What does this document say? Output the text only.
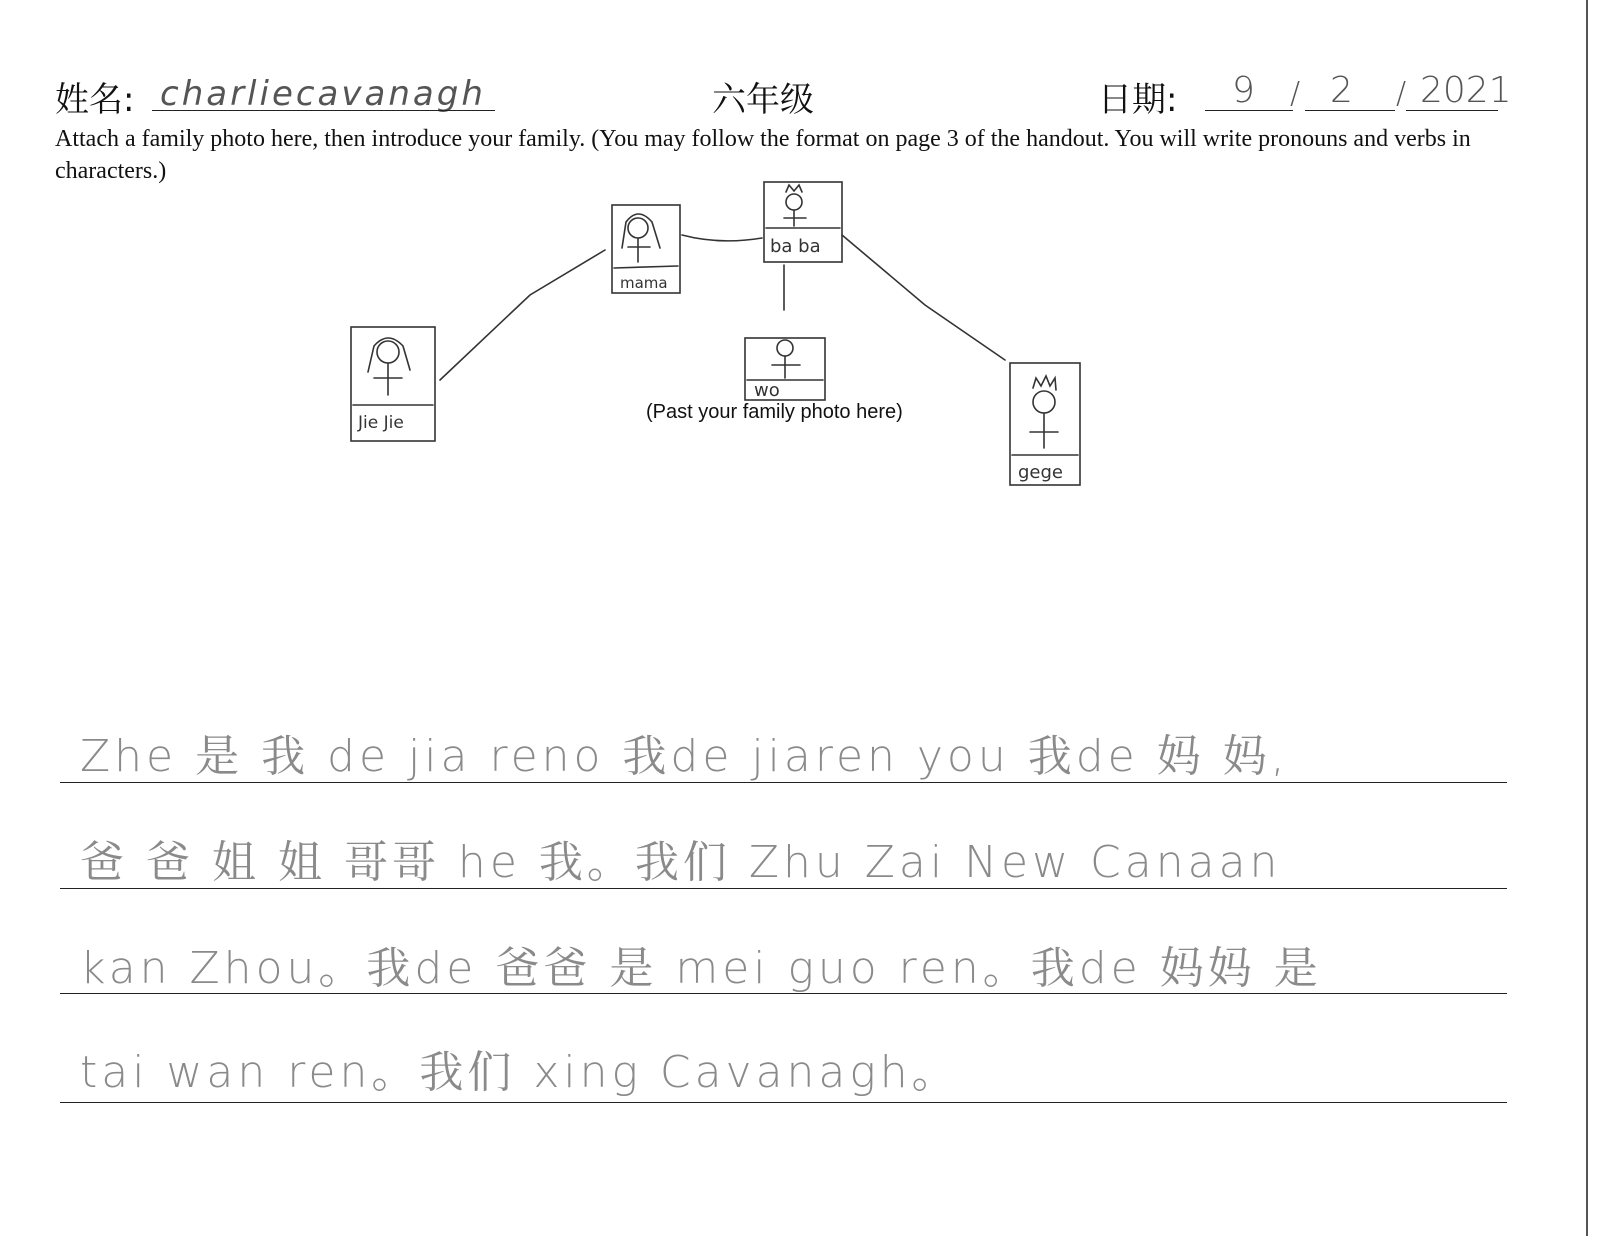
姓名: charliecavanagh	六年级	日期: 9 / 2 / 2021
Attach a family photo here, then introduce your family. (You may follow the format on page 3 of the handout. You will write pronouns and verbs in characters.)
mama
ba ba
wo
Jie Jie
gege
(Past your family photo here)
Zhe 是 我 de jia reno 我de jiaren you 我de 妈 妈,
爸 爸 姐 姐 哥哥 he 我。我们 Zhu Zai New Canaan
kan Zhou。我de 爸爸 是 mei guo ren。我de 妈妈 是
tai wan ren。我们 xing Cavanagh。
